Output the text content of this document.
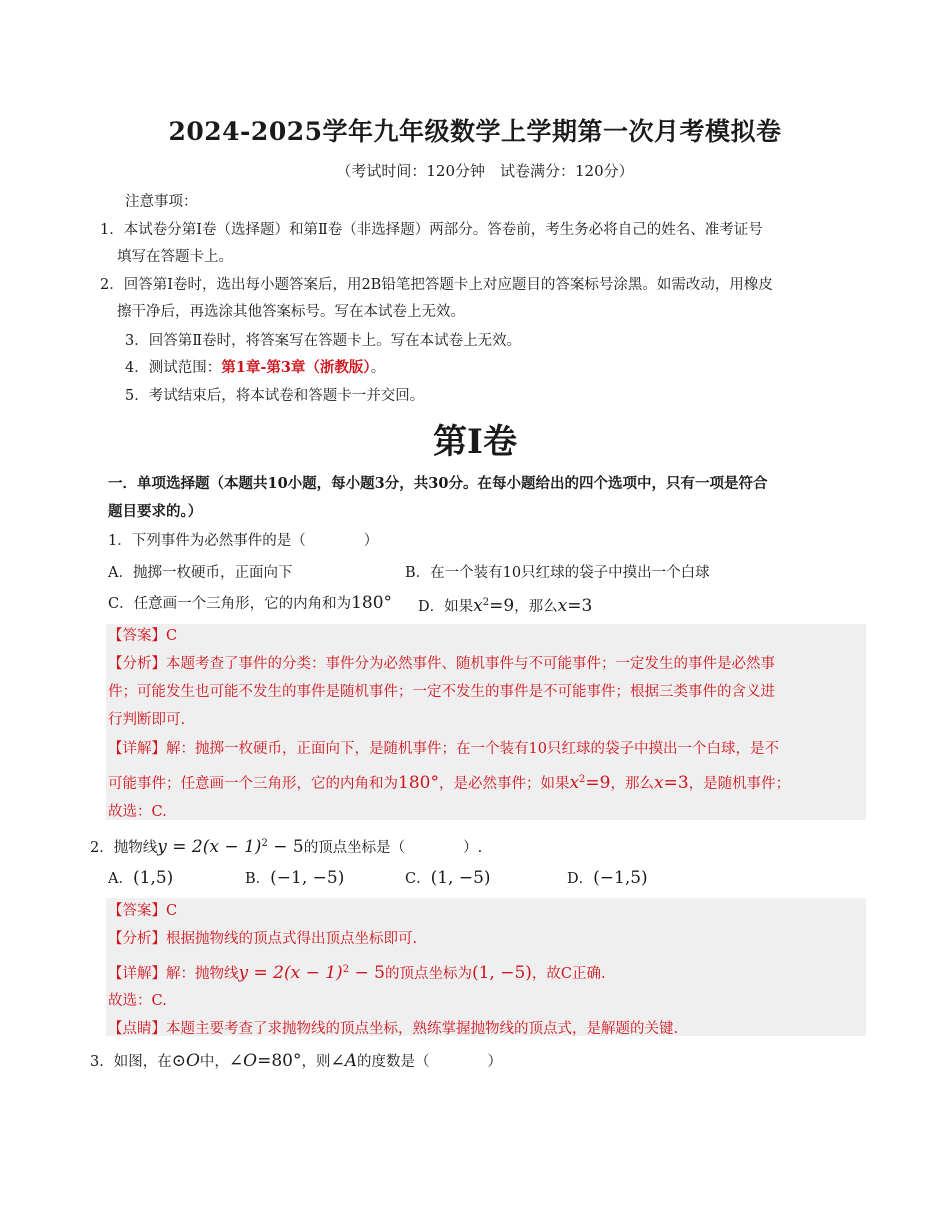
2024-2025学年九年级数学上学期第一次月考模拟卷
（考试时间：120分钟　试卷满分：120分）
注意事项：
1．本试卷分第Ⅰ卷（选择题）和第Ⅱ卷（非选择题）两部分。答卷前，考生务必将自己的姓名、准考证号
填写在答题卡上。
2．回答第Ⅰ卷时，选出每小题答案后，用2B铅笔把答题卡上对应题目的答案标号涂黑。如需改动，用橡皮
擦干净后，再选涂其他答案标号。写在本试卷上无效。
3．回答第Ⅱ卷时，将答案写在答题卡上。写在本试卷上无效。
4．测试范围：第1章-第3章（浙教版）。
5．考试结束后，将本试卷和答题卡一并交回。
第Ⅰ卷
一．单项选择题（本题共10小题，每小题3分，共30分。在每小题给出的四个选项中，只有一项是符合
题目要求的。）
1．下列事件为必然事件的是（　　　　）
A．抛掷一枚硬币，正面向下	B．在一个装有10只红球的袋子中摸出一个白球
C．任意画一个三角形，它的内角和为180° D．如果$x^2=9$，那么x=3
【答案】C
【分析】本题考查了事件的分类：事件分为必然事件、随机事件与不可能事件；一定发生的事件是必然事
件；可能发生也可能不发生的事件是随机事件；一定不发生的事件是不可能事件；根据三类事件的含义进
行判断即可.
【详解】解：抛掷一枚硬币，正面向下，是随机事件；在一个装有10只红球的袋子中摸出一个白球，是不
可能事件；任意画一个三角形，它的内角和为180°，是必然事件；如果$x^2=9$，那么x=3，是随机事件；
故选：C.
2．抛物线$y = 2(x - 1)^2 - 5$的顶点坐标是（　　　　）.
A．(1,5)	B．(−1, −5)	C．(1, −5)	D．(−1,5)
【答案】C
【分析】根据抛物线的顶点式得出顶点坐标即可.
【详解】解：抛物线$y = 2(x - 1)^2 - 5$的顶点坐标为(1, −5)，故C正确.
故选：C.
【点睛】本题主要考查了求抛物线的顶点坐标，熟练掌握抛物线的顶点式，是解题的关键.
3．如图，在⊙O中，∠O=80°，则∠A的度数是（　　　　）
